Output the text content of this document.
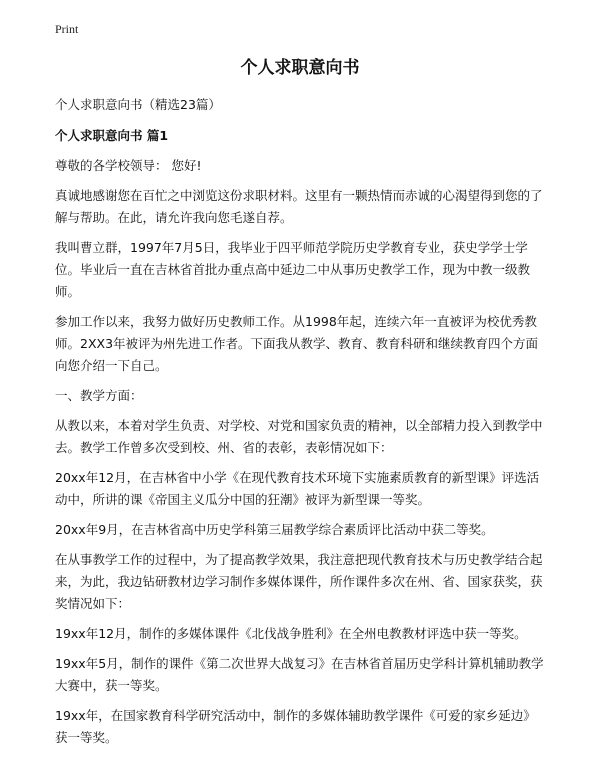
Print
个人求职意向书

个人求职意向书（精选23篇）

个人求职意向书 篇1

尊敬的各学校领导： 您好!

真诚地感谢您在百忙之中浏览这份求职材料。这里有一颗热情而赤诚的心渴望得到您的了解与帮助。在此，请允许我向您毛遂自荐。

我叫曹立群，1997年7月5日，我毕业于四平师范学院历史学教育专业，获史学学士学位。毕业后一直在吉林省首批办重点高中延边二中从事历史教学工作，现为中教一级教师。

参加工作以来，我努力做好历史教师工作。从1998年起，连续六年一直被评为校优秀教师。2XX3年被评为州先进工作者。下面我从教学、教育、教育科研和继续教育四个方面向您介绍一下自己。

一、教学方面：

从教以来，本着对学生负责、对学校、对党和国家负责的精神，以全部精力投入到教学中去。教学工作曾多次受到校、州、省的表彰，表彰情况如下：

20xx年12月，在吉林省中小学《在现代教育技术环境下实施素质教育的新型课》评选活动中，所讲的课《帝国主义瓜分中国的狂潮》被评为新型课一等奖。

20xx年9月，在吉林省高中历史学科第三届教学综合素质评比活动中获二等奖。

在从事教学工作的过程中，为了提高教学效果，我注意把现代教育技术与历史教学结合起来，为此，我边钻研教材边学习制作多媒体课件，所作课件多次在州、省、国家获奖，获奖情况如下：

19xx年12月，制作的多媒体课件《北伐战争胜利》在全州电教教材评选中获一等奖。

19xx年5月，制作的课件《第二次世界大战复习》在吉林省首届历史学科计算机辅助教学大赛中，获一等奖。

19xx年，在国家教育科学研究活动中，制作的多媒体辅助教学课件《可爱的家乡延边》获一等奖。
